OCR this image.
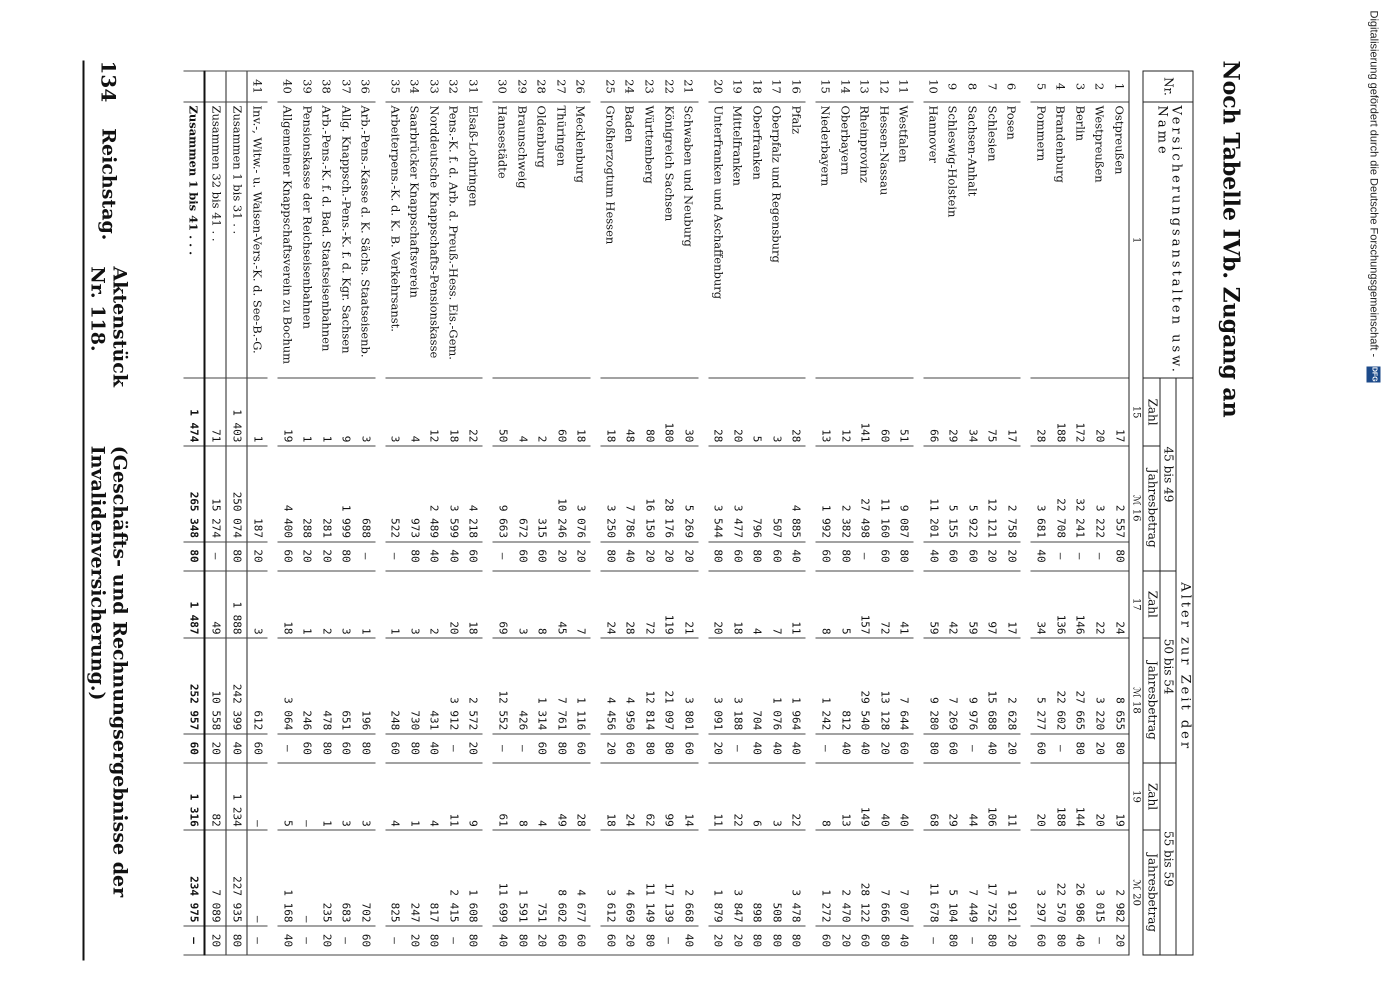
Digitalisierung gefördert durch die Deutsche Forschungsgemeinschaft - DFG
Noch Tabelle IVb. Zugang an
Nr.	Versicherungsanstalten usw.
Name	Alter zur Zeit der								
		45 bis 49			50 bis 54			55 bis 59		
		Zahl	Jahresbetrag		Zahl	Jahresbetrag		Zahl	Jahresbetrag	
	1	15	ℳ 16		17	ℳ 18		19	ℳ 20	
1	Ostpreußen	17	2 557	80	24	8 655	80	19	2 982	20
2	Westpreußen	20	3 222	—	22	3 220	20	20	3 015	—
3	Berlin	172	32 241	—	146	27 665	80	144	26 986	40
4	Brandenburg	188	22 708	—	136	22 602	—	188	22 570	80
5	Pommern	28	3 681	40	34	5 277	60	20	3 297	60

6	Posen	17	2 758	20	17	2 628	20	11	1 921	20
7	Schlesien	75	12 121	20	97	15 688	40	106	17 752	80
8	Sachsen-Anhalt	34	5 922	60	59	9 976	—	44	7 449	—
9	Schleswig-Holstein	29	5 155	60	42	7 269	60	29	5 104	80
10	Hannover	66	11 201	40	59	9 280	80	68	11 678	—

11	Westfalen	51	9 087	80	41	7 644	60	40	7 007	40
12	Hessen-Nassau	60	11 160	60	72	13 128	20	40	7 666	80
13	Rheinprovinz	141	27 498	—	157	29 540	40	149	28 122	60
14	Oberbayern	12	2 382	80	5	812	40	13	2 470	20
15	Niederbayern	13	1 992	60	8	1 242	—	8	1 272	60

16	Pfalz	28	4 885	40	11	1 964	40	22	3 478	80
17	Oberpfalz und Regensburg	3	507	60	7	1 076	40	3	508	80
18	Oberfranken	5	796	80	4	704	40	6	898	80
19	Mittelfranken	20	3 477	60	18	3 188	—	22	3 847	20
20	Unterfranken und Aschaffenburg	28	3 544	80	20	3 091	20	11	1 879	20

21	Schwaben und Neuburg	30	5 269	20	21	3 801	60	14	2 668	40
22	Königreich Sachsen	180	28 176	20	119	21 097	80	99	17 139	—
23	Württemberg	80	16 150	20	72	12 814	80	62	11 149	80
24	Baden	48	7 786	40	28	4 950	60	24	4 669	20
25	Großherzogtum Hessen	18	3 250	80	24	4 456	20	18	3 612	60

26	Mecklenburg	18	3 076	20	7	1 116	60	28	4 677	60
27	Thüringen	60	10 246	20	45	7 761	80	49	8 602	60
28	Oldenburg	2	315	60	8	1 314	60	4	751	20
29	Braunschweig	4	672	60	3	426	—	8	1 591	80
30	Hansestädte	50	9 663	—	69	12 552	—	61	11 699	40

31	Elsaß-Lothringen	22	4 218	60	18	2 572	20	9	1 608	80
32	Pens.-K. f. d. Arb. d. Preuß.-Hess. Eis.-Gem.	18	3 599	40	20	3 912	—	11	2 415	—
33	Norddeutsche Knappschafts-Pensionskasse	12	2 489	40	2	431	40	4	817	80
34	Saarbrücker Knappschaftsverein	4	973	80	3	730	80	1	247	20
35	Arbeiterpens.-K. d. K. B. Verkehrsanst.	3	522	—	1	248	60	4	825	—

36	Arb.-Pens.-Kasse d. K. Sächs. Staatseisenb.	3	688	—	1	196	80	3	702	60
37	Allg. Knappsch.-Pens.-K. f. d. Kgr. Sachsen	9	1 999	80	3	651	60	3	683	—
38	Arb.-Pens.-K. f. d. Bad. Staatseisenbahnen	1	281	20	2	478	80	1	235	20
39	Pensionskasse der Reichseisenbahnen	1	288	20	1	246	60	—	—	—
40	Allgemeiner Knappschaftsverein zu Bochum	19	4 400	60	18	3 064	—	5	1 168	40

41	Inv.-, Witw.- u. Waisen-Vers.-K. d. See-B.-G.	1	187	20	3	612	60	—	—	—
	Zusammen 1 bis 31 . .	1 403	250 074	80	1 888	242 399	40	1 234	227 935	80
	Zusammen 32 bis 41 . .	71	15 274	—	49	10 558	20	82	7 089	20
	Zusammen 1 bis 41 . . .	1 474	265 348	80	1 487	252 957	60	1 316	234 975	—
134
Reichstag.
Aktenstück Nr. 118.
(Geschäfts- und Rechnungsergebnisse der Invalidenversicherung.)
